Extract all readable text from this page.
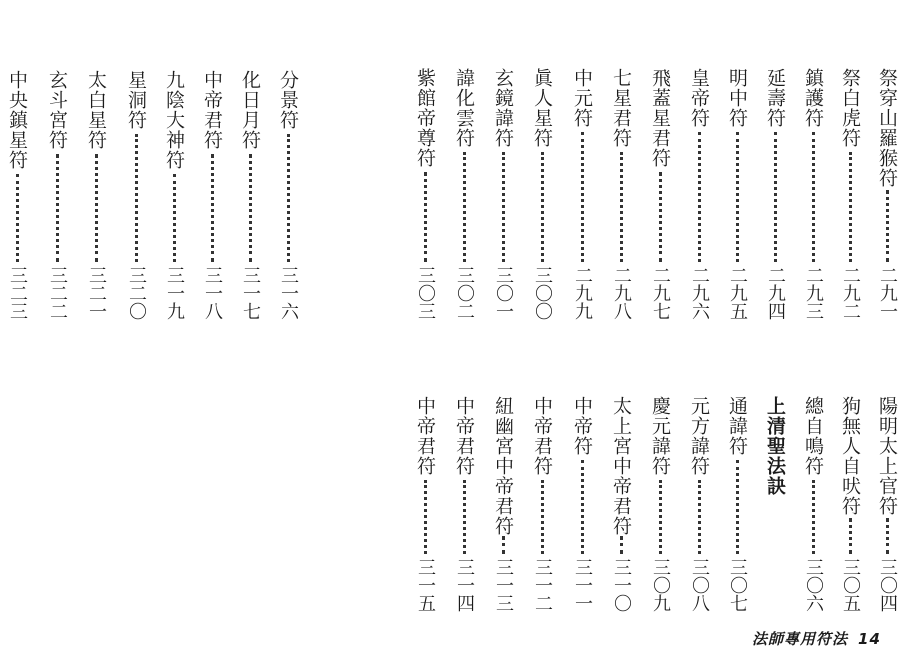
祭穿山羅猴符
二九一
祭白虎符
二九二
鎮護符
二九三
延壽符
二九四
明中符
二九五
皇帝符
二九六
飛蓋星君符
二九七
七星君符
二九八
中元符
二九九
眞人星符
三〇〇
玄鏡諱符
三〇一
諱化雲符
三〇二
紫館帝尊符
三〇三
陽明太上官符
三〇四
狗無人自吠符
三〇五
總自鳴符
三〇六
上清聖法訣
通諱符
三〇七
元方諱符
三〇八
慶元諱符
三〇九
太上宮中帝君符
三一〇
中帝符
三一一
中帝君符
三一二
紐幽宮中帝君符
三一三
中帝君符
三一四
中帝君符
三一五
分景符
三一六
化日月符
三一七
中帝君符
三一八
九陰大神符
三一九
星洞符
三二〇
太白星符
三二一
玄斗宮符
三二二
中央鎮星符
三二三
法師專用符法 14
